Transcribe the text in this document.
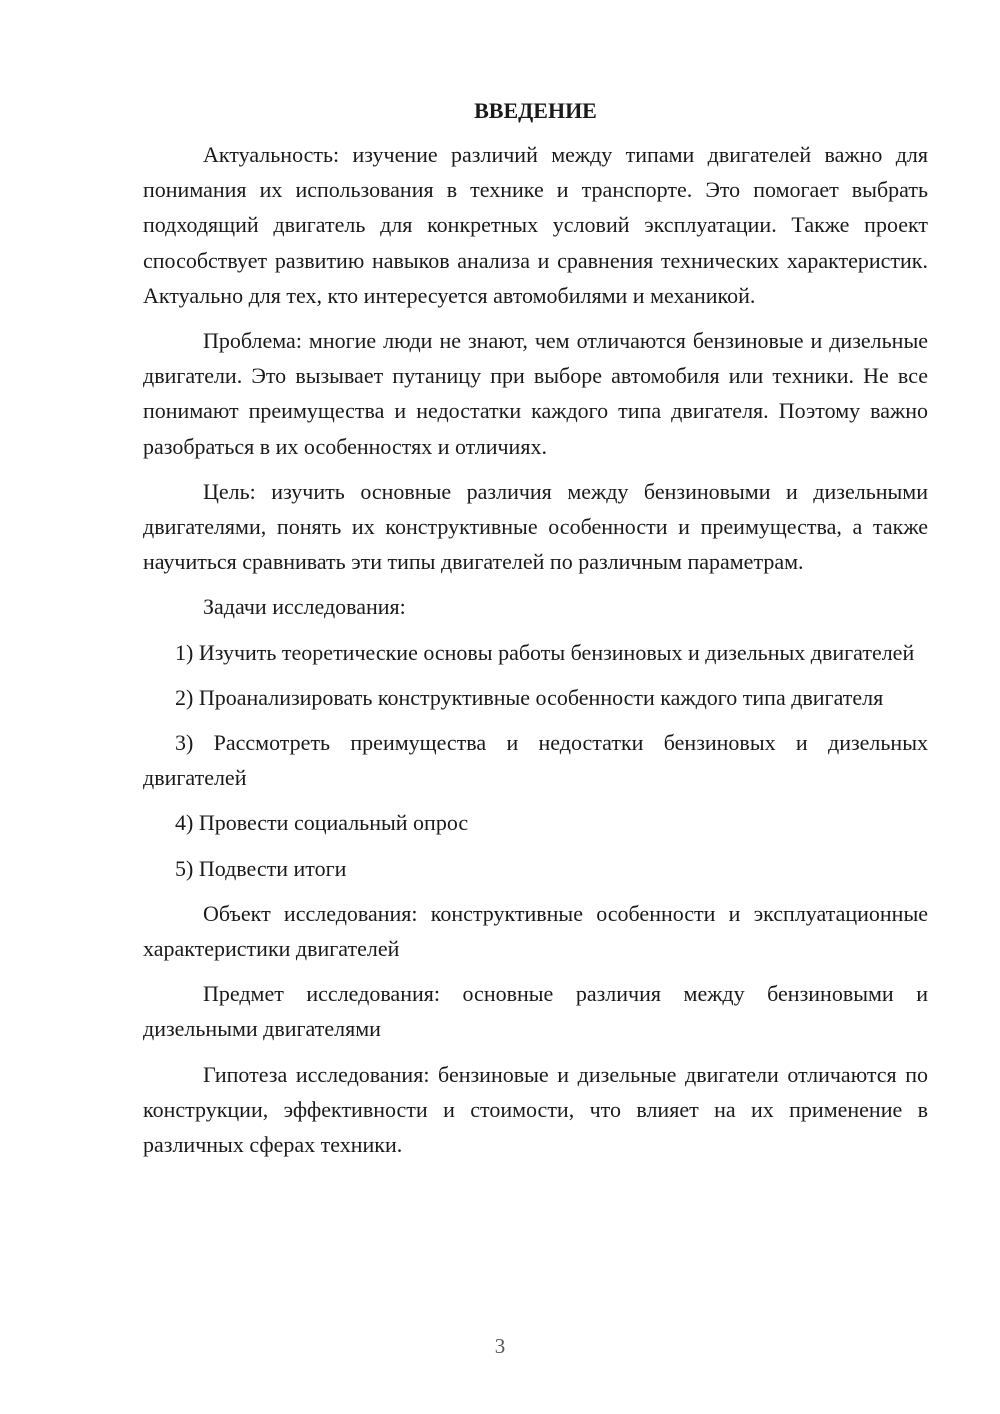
ВВЕДЕНИЕ

Актуальность: изучение различий между типами двигателей важно для понимания их использования в технике и транспорте. Это помогает выбрать подходящий двигатель для конкретных условий эксплуатации. Также проект способствует развитию навыков анализа и сравнения технических характеристик. Актуально для тех, кто интересуется автомобилями и механикой.

Проблема: многие люди не знают, чем отличаются бензиновые и дизельные двигатели. Это вызывает путаницу при выборе автомобиля или техники. Не все понимают преимущества и недостатки каждого типа двигателя. Поэтому важно разобраться в их особенностях и отличиях.

Цель: изучить основные различия между бензиновыми и дизельными двигателями, понять их конструктивные особенности и преимущества, а также научиться сравнивать эти типы двигателей по различным параметрам.

Задачи исследования:

1) Изучить теоретические основы работы бензиновых и дизельных двигателей

2) Проанализировать конструктивные особенности каждого типа двигателя

3) Рассмотреть преимущества и недостатки бензиновых и дизельных двигателей

4) Провести социальный опрос

5) Подвести итоги

Объект исследования: конструктивные особенности и эксплуатационные характеристики двигателей

Предмет исследования: основные различия между бензиновыми и дизельными двигателями

Гипотеза исследования: бензиновые и дизельные двигатели отличаются по конструкции, эффективности и стоимости, что влияет на их применение в различных сферах техники.

3
